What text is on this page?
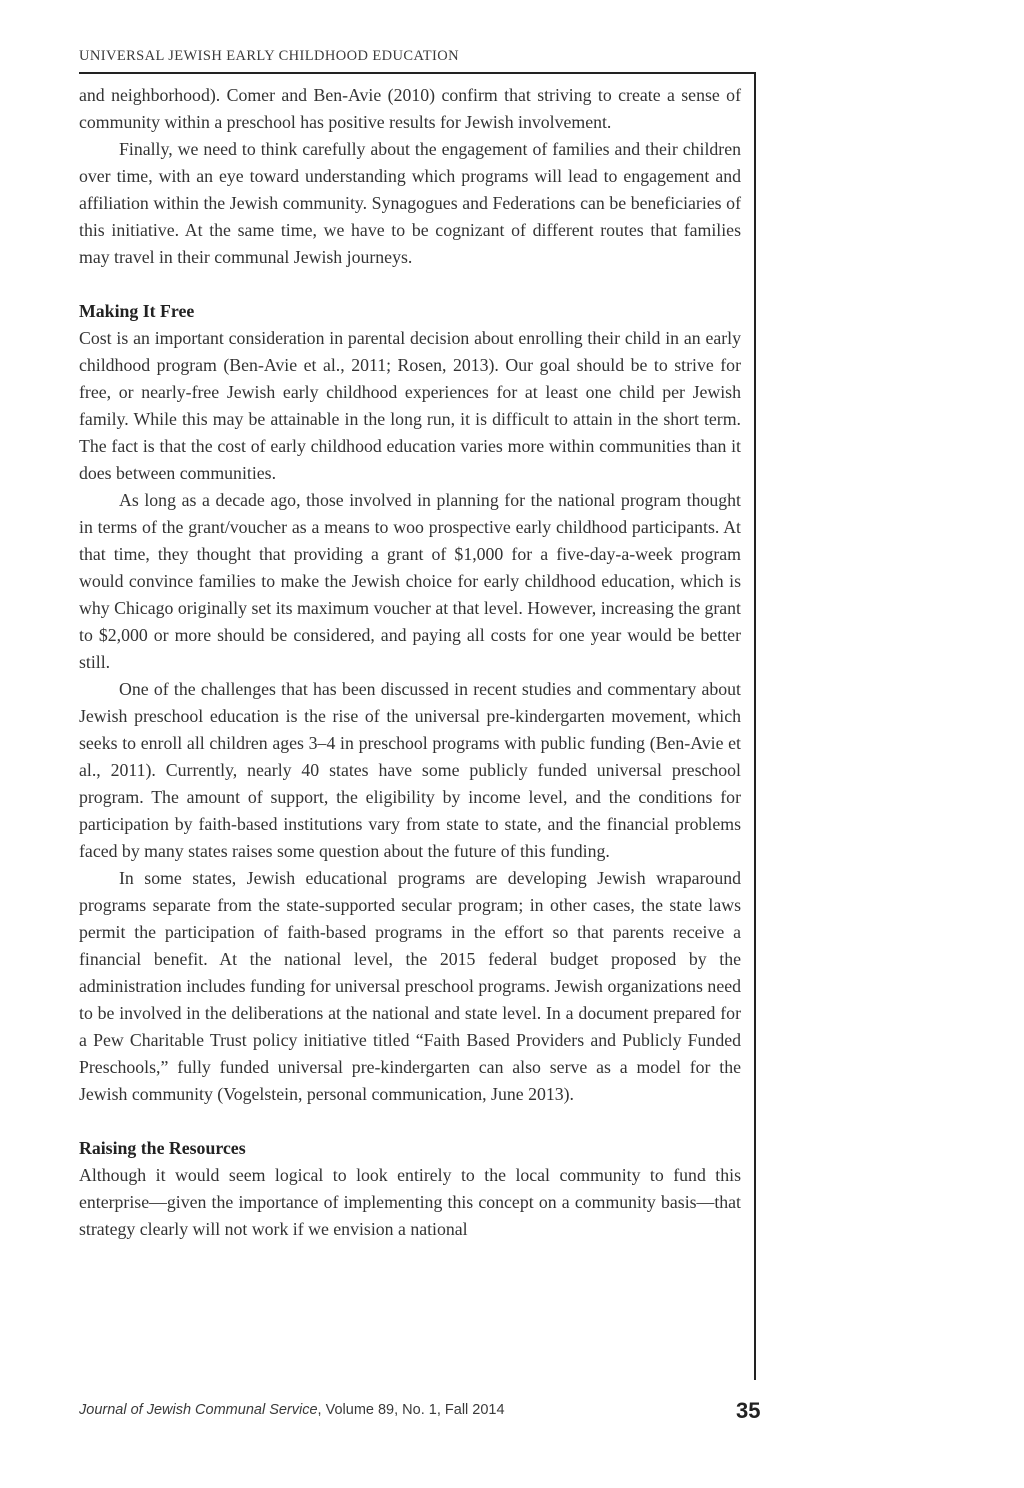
UNIVERSAL JEWISH EARLY CHILDHOOD EDUCATION

and neighborhood). Comer and Ben-Avie (2010) confirm that striving to create a sense of community within a preschool has positive results for Jewish involvement.

Finally, we need to think carefully about the engagement of families and their children over time, with an eye toward understanding which programs will lead to engagement and affiliation within the Jewish community. Synagogues and Federations can be beneficiaries of this initiative. At the same time, we have to be cognizant of different routes that families may travel in their communal Jewish journeys.

Making It Free

Cost is an important consideration in parental decision about enrolling their child in an early childhood program (Ben-Avie et al., 2011; Rosen, 2013). Our goal should be to strive for free, or nearly-free Jewish early childhood experiences for at least one child per Jewish family. While this may be attainable in the long run, it is difficult to attain in the short term. The fact is that the cost of early childhood education varies more within communities than it does between communities.

As long as a decade ago, those involved in planning for the national program thought in terms of the grant/voucher as a means to woo prospective early childhood participants. At that time, they thought that providing a grant of $1,000 for a five-day-a-week program would convince families to make the Jewish choice for early childhood education, which is why Chicago originally set its maximum voucher at that level. However, increasing the grant to $2,000 or more should be considered, and paying all costs for one year would be better still.

One of the challenges that has been discussed in recent studies and commentary about Jewish preschool education is the rise of the universal pre-kindergarten movement, which seeks to enroll all children ages 3–4 in preschool programs with public funding (Ben-Avie et al., 2011). Currently, nearly 40 states have some publicly funded universal preschool program. The amount of support, the eligibility by income level, and the conditions for participation by faith-based institutions vary from state to state, and the financial problems faced by many states raises some question about the future of this funding.

In some states, Jewish educational programs are developing Jewish wraparound programs separate from the state-supported secular program; in other cases, the state laws permit the participation of faith-based programs in the effort so that parents receive a financial benefit. At the national level, the 2015 federal budget proposed by the administration includes funding for universal preschool programs. Jewish organizations need to be involved in the deliberations at the national and state level. In a document prepared for a Pew Charitable Trust policy initiative titled “Faith Based Providers and Publicly Funded Preschools,” fully funded universal pre-kindergarten can also serve as a model for the Jewish community (Vogelstein, personal communication, June 2013).

Raising the Resources

Although it would seem logical to look entirely to the local community to fund this enterprise—given the importance of implementing this concept on a community basis—that strategy clearly will not work if we envision a national

Journal of Jewish Communal Service, Volume 89, No. 1, Fall 2014	35
